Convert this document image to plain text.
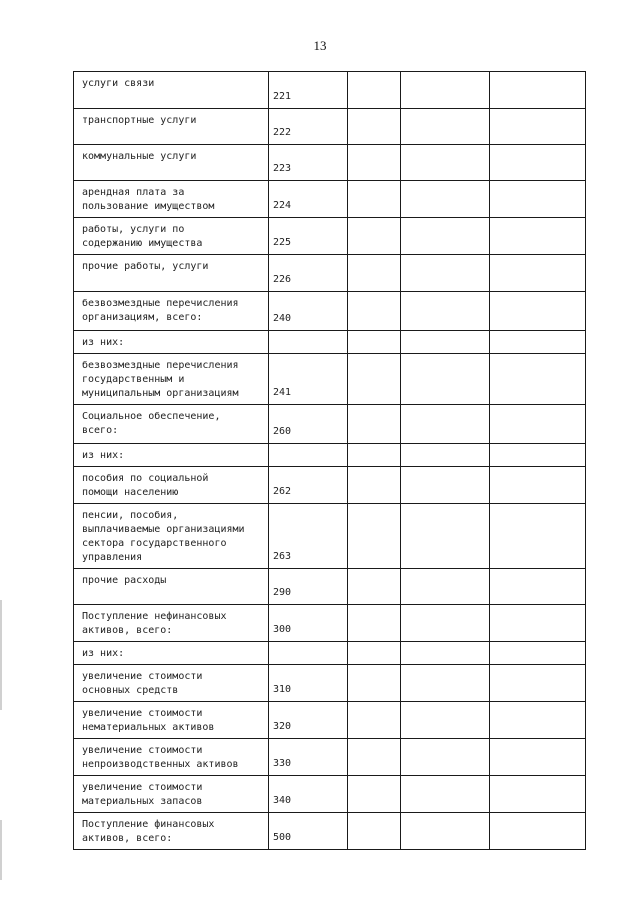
13
услуги связи	221			
транспортные услуги	222			
коммунальные услуги	223			
арендная плата за
пользование имуществом	224			
работы, услуги по
содержанию имущества	225			
прочие работы, услуги	226			
безвозмездные перечисления
организациям, всего:	240			
из них:				
безвозмездные перечисления
государственным и
муниципальным организациям	241			
Социальное обеспечение,
всего:	260			
из них:				
пособия по социальной
помощи населению	262			
пенсии, пособия,
выплачиваемые организациями
сектора государственного
управления	263			
прочие расходы	290			
Поступление нефинансовых
активов, всего:	300			
из них:				
увеличение стоимости
основных средств	310			
увеличение стоимости
нематериальных активов	320			
увеличение стоимости
непроизводственных активов	330			
увеличение стоимости
материальных запасов	340			
Поступление финансовых
активов, всего:	500			
